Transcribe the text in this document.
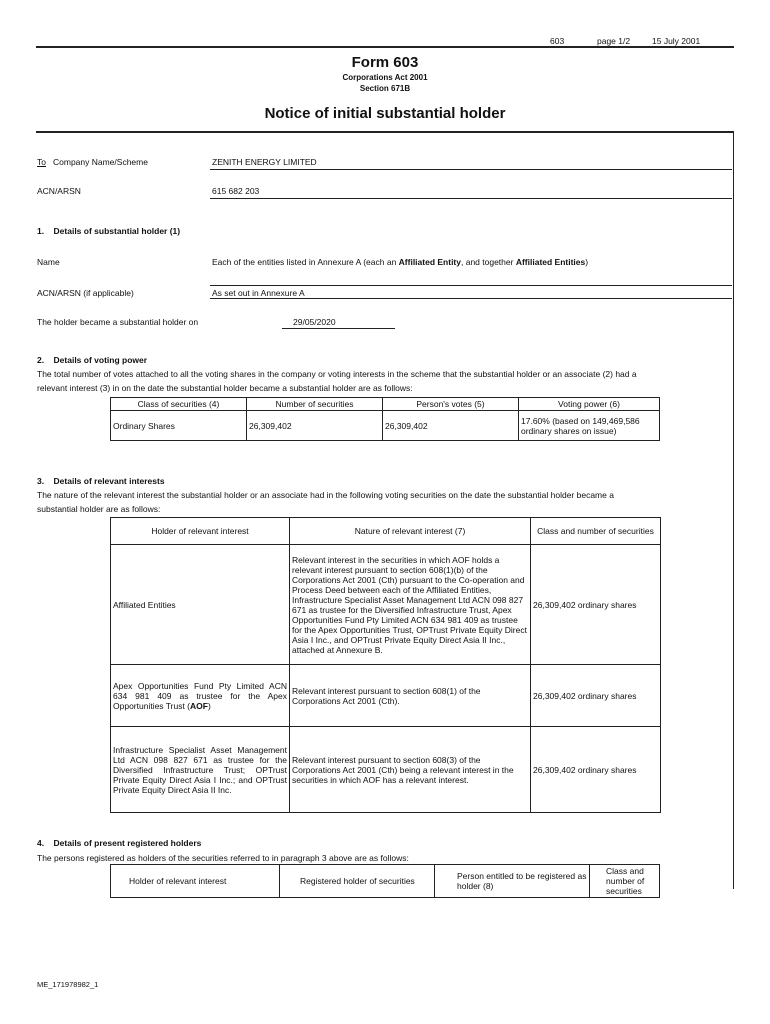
603	page 1/2	15 July 2001
Form 603
Corporations Act 2001
Section 671B
Notice of initial substantial holder
To Company Name/Scheme	ZENITH ENERGY LIMITED
ACN/ARSN	615 682 203
1.    Details of substantial holder (1)
Name	Each of the entities listed in Annexure A (each an Affiliated Entity, and together Affiliated Entities)
ACN/ARSN (if applicable)	As set out in Annexure A
The holder became a substantial holder on	29/05/2020
2.    Details of voting power
The total number of votes attached to all the voting shares in the company or voting interests in the scheme that the substantial holder or an associate (2) had a
relevant interest (3) in on the date the substantial holder became a substantial holder are as follows:
Class of securities (4)	Number of securities	Person's votes (5)	Voting power (6)
Ordinary Shares	26,309,402	26,309,402	17.60% (based on 149,469,586 ordinary shares on issue)
3.    Details of relevant interests
The nature of the relevant interest the substantial holder or an associate had in the following voting securities on the date the substantial holder became a
substantial holder are as follows:
Holder of relevant interest	Nature of relevant interest (7)	Class and number of securities
Affiliated Entities	Relevant interest in the securities in which AOF holds a relevant interest pursuant to section 608(1)(b) of the Corporations Act 2001 (Cth) pursuant to the Co-operation and Process Deed between each of the Affiliated Entities, Infrastructure Specialist Asset Management Ltd ACN 098 827 671 as trustee for the Diversified Infrastructure Trust, Apex Opportunities Fund Pty Limited ACN 634 981 409 as trustee for the Apex Opportunities Trust, OPTrust Private Equity Direct Asia I Inc., and OPTrust Private Equity Direct Asia II Inc., attached at Annexure B.	26,309,402 ordinary shares
Apex Opportunities Fund Pty Limited ACN 634 981 409 as trustee for the Apex Opportunities Trust (AOF)	Relevant interest pursuant to section 608(1) of the Corporations Act 2001 (Cth).	26,309,402 ordinary shares
Infrastructure Specialist Asset Management Ltd ACN 098 827 671 as trustee for the Diversified Infrastructure Trust; OPTrust Private Equity Direct Asia I Inc.; and OPTrust Private Equity Direct Asia II Inc.	Relevant interest pursuant to section 608(3) of the Corporations Act 2001 (Cth) being a relevant interest in the securities in which AOF has a relevant interest.	26,309,402 ordinary shares
4.    Details of present registered holders
The persons registered as holders of the securities referred to in paragraph 3 above are as follows:
Holder of relevant interest	Registered holder of securities	Person entitled to be registered as holder (8)	Class and number of securities
ME_171978982_1
